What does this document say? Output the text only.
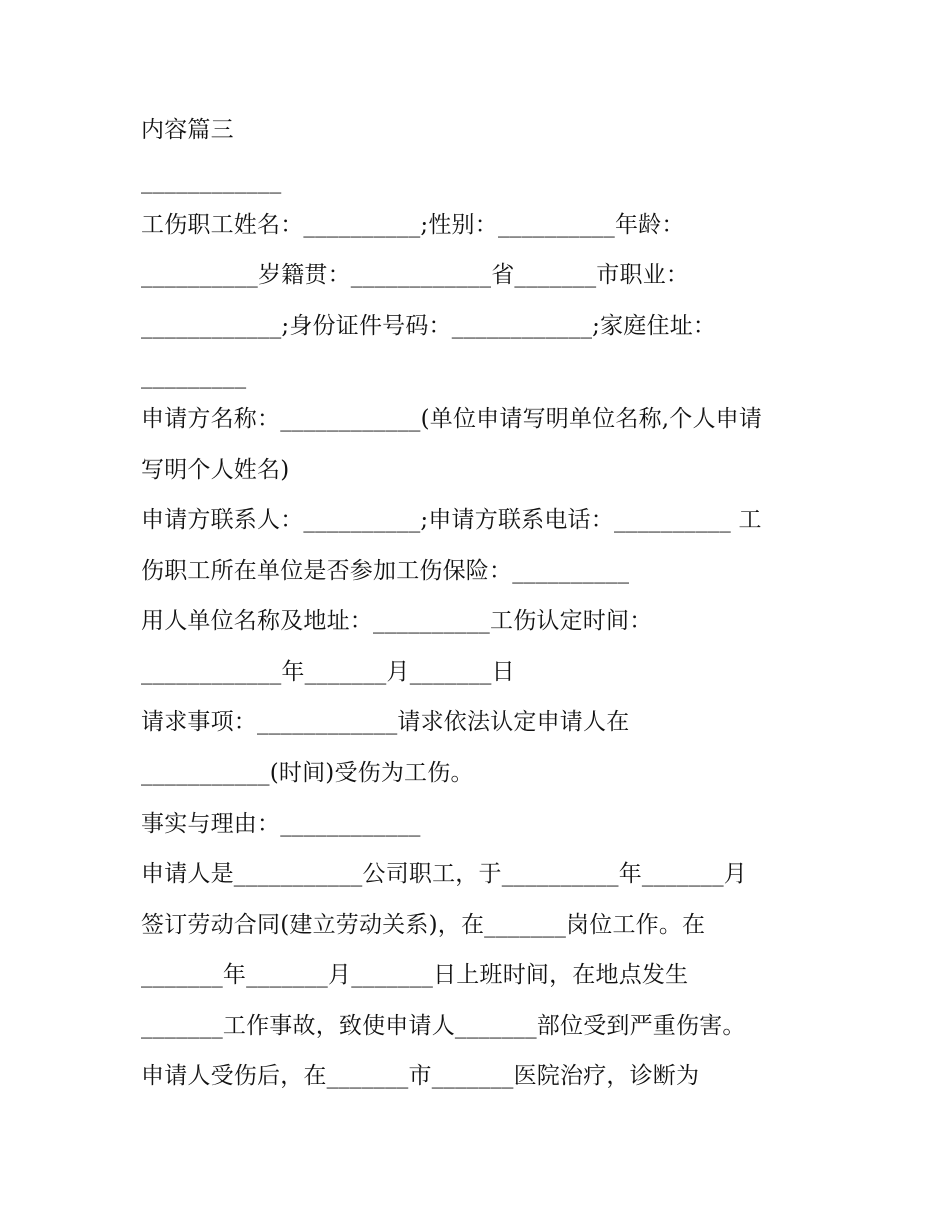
内容篇三
____________
工伤职工姓名：__________;性别：__________年龄：
__________岁籍贯：____________省_______市职业：
____________;身份证件号码：____________;家庭住址：
_________
申请方名称：____________(单位申请写明单位名称,个人申请
写明个人姓名)
申请方联系人：__________;申请方联系电话：__________ 工
伤职工所在单位是否参加工伤保险：__________
用人单位名称及地址：__________工伤认定时间：
____________年_______月_______日
请求事项：____________请求依法认定申请人在
___________(时间)受伤为工伤。
事实与理由：____________
申请人是___________公司职工，于__________年_______月
签订劳动合同(建立劳动关系)，在_______岗位工作。在
_______年_______月_______日上班时间，在地点发生
_______工作事故，致使申请人_______部位受到严重伤害。
申请人受伤后，在_______市_______医院治疗，诊断为
